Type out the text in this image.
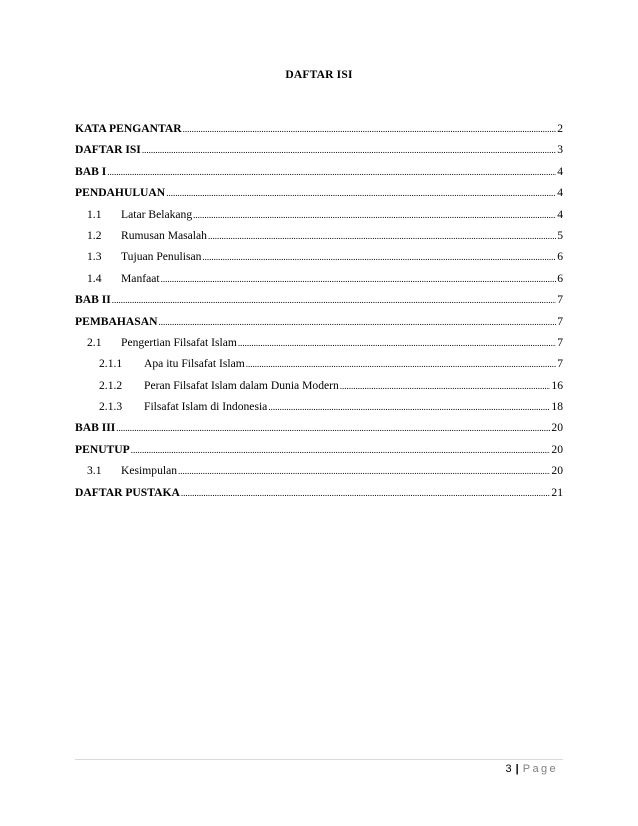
DAFTAR ISI
KATA PENGANTAR .....	2
DAFTAR ISI .....	3
BAB I .....	4
PENDAHULUAN .....	4
1.1	Latar Belakang .....	4
1.2	Rumusan Masalah .....	5
1.3	Tujuan Penulisan .....	6
1.4	Manfaat .....	6
BAB II .....	7
PEMBAHASAN .....	7
2.1	Pengertian Filsafat Islam .....	7
2.1.1	Apa itu Filsafat Islam .....	7
2.1.2	Peran Filsafat Islam dalam Dunia Modern .....	16
2.1.3	Filsafat Islam di Indonesia .....	18
BAB III .....	20
PENUTUP .....	20
3.1	Kesimpulan .....	20
DAFTAR PUSTAKA .....	21
3 | Page
